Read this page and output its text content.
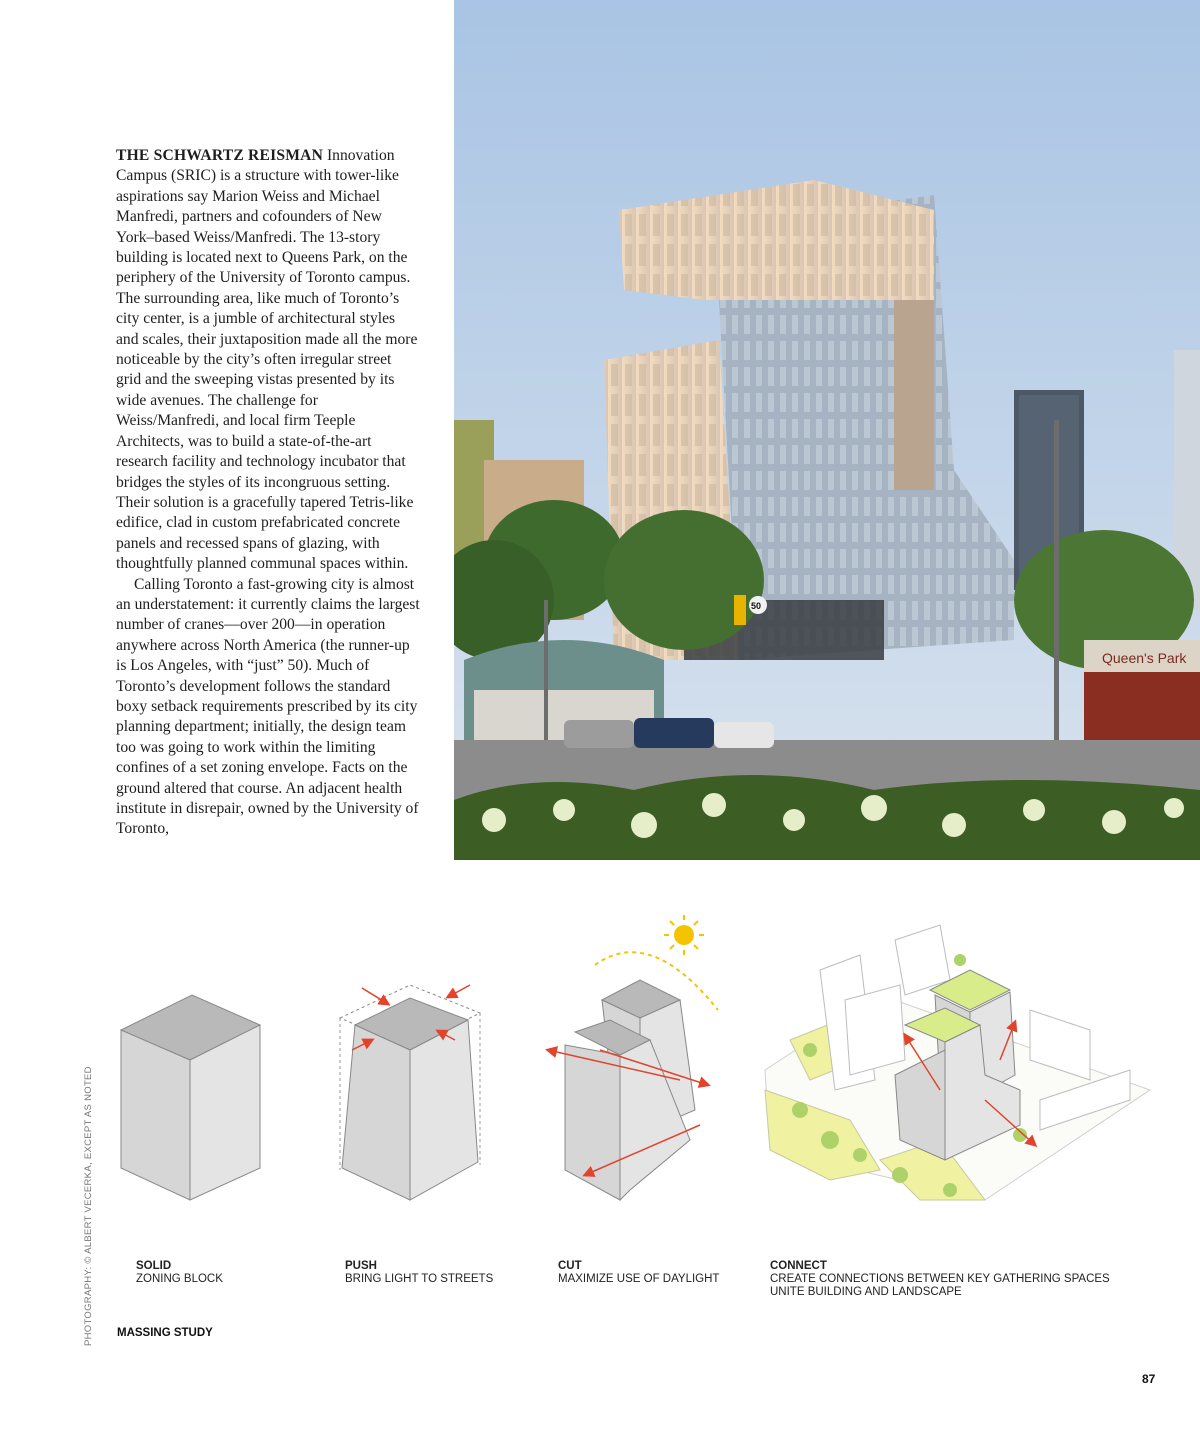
THE SCHWARTZ REISMAN Innovation Campus (SRIC) is a structure with tower-like aspirations say Marion Weiss and Michael Manfredi, partners and cofounders of New York–based Weiss/Manfredi. The 13-story building is located next to Queens Park, on the periphery of the University of Toronto campus. The surrounding area, like much of Toronto’s city center, is a jumble of architectural styles and scales, their juxtaposition made all the more noticeable by the city’s often irregular street grid and the sweeping vistas presented by its wide avenues. The challenge for Weiss/Manfredi, and local firm Teeple Architects, was to build a state-of-the-art research facility and technology incubator that bridges the styles of its incongruous setting. Their solution is a gracefully tapered Tetris-like edifice, clad in custom prefabricated concrete panels and recessed spans of glazing, with thoughtfully planned communal spaces within.

Calling Toronto a fast-growing city is almost an understatement: it currently claims the largest number of cranes—over 200—in operation anywhere across North America (the runner-up is Los Angeles, with “just” 50). Much of Toronto’s development follows the standard boxy setback requirements prescribed by its city planning department; initially, the design team too was going to work within the limiting confines of a set zoning envelope. Facts on the ground altered that course. An adjacent health institute in disrepair, owned by the University of Toronto,

Queen's Park
50
SOLID
ZONING BLOCK
PUSH
BRING LIGHT TO STREETS
CUT
MAXIMIZE USE OF DAYLIGHT
CONNECT
CREATE CONNECTIONS BETWEEN KEY GATHERING SPACES
UNITE BUILDING AND LANDSCAPE
PHOTOGRAPHY: © ALBERT VECERKA, EXCEPT AS NOTED MASSING STUDY
87
